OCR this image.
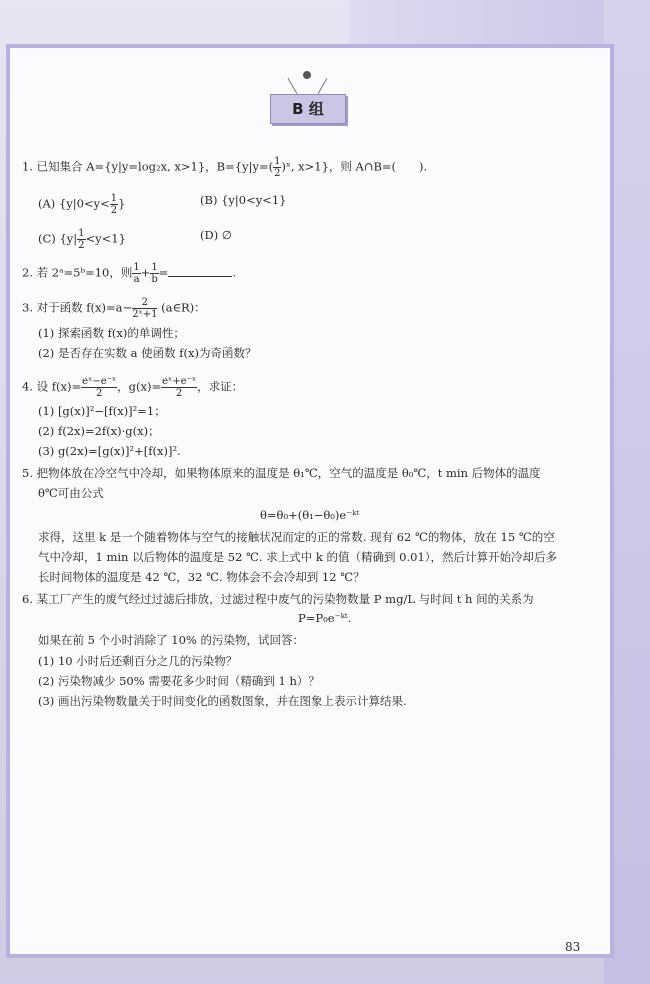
B 组
1. 已知集合 A={y|y=log₂x, x>1}，$B=\{y|y=( \frac{1}{2}$ )ˣ, x>1}，则 A∩B=(　　).
(A) {$y|0<y< \frac{1}{2}$ }	(B) {y|0<y<1}
(C) $\{y| \frac{1}{2} <y<1\}$	(D) ∅
2. 若 2ᵃ=5ᵇ=10，则 $\frac{1}{a} + \frac{1}{b}$ =	.
3. 对于函数 $f(x)=a- \frac{2}{\text{2ˣ+1}}$ (a∈R)：
(1) 探索函数 f(x)的单调性；
(2) 是否存在实数 a 使函数 f(x)为奇函数？
4. 设 $f(x)= \frac{\text{eˣ−e⁻ˣ}}{2}$ ，$g(x)= \frac{\text{eˣ+e⁻ˣ}}{2}$ ，求证：
(1) [g(x)]²−[f(x)]²=1；
(2) f(2x)=2f(x)·g(x)；
(3) g(2x)=[g(x)]²+[f(x)]².
5. 把物体放在冷空气中冷却，如果物体原来的温度是 θ₁℃，空气的温度是 θ₀℃，t min 后物体的温度
θ℃可由公式
θ=θ₀+(θ₁−θ₀)e⁻ᵏᵗ
求得，这里 k 是一个随着物体与空气的接触状况而定的正的常数. 现有 62 ℃的物体，放在 15 ℃的空
气中冷却，1 min 以后物体的温度是 52 ℃. 求上式中 k 的值（精确到 0.01），然后计算开始冷却后多
长时间物体的温度是 42 ℃，32 ℃. 物体会不会冷却到 12 ℃？
6. 某工厂产生的废气经过过滤后排放，过滤过程中废气的污染物数量 P mg/L 与时间 t h 间的关系为
P=P₀e⁻ᵏᵗ.
如果在前 5 个小时消除了 10% 的污染物，试回答：
(1) 10 小时后还剩百分之几的污染物？
(2) 污染物减少 50% 需要花多少时间（精确到 1 h）？
(3) 画出污染物数量关于时间变化的函数图象，并在图象上表示计算结果.
83
